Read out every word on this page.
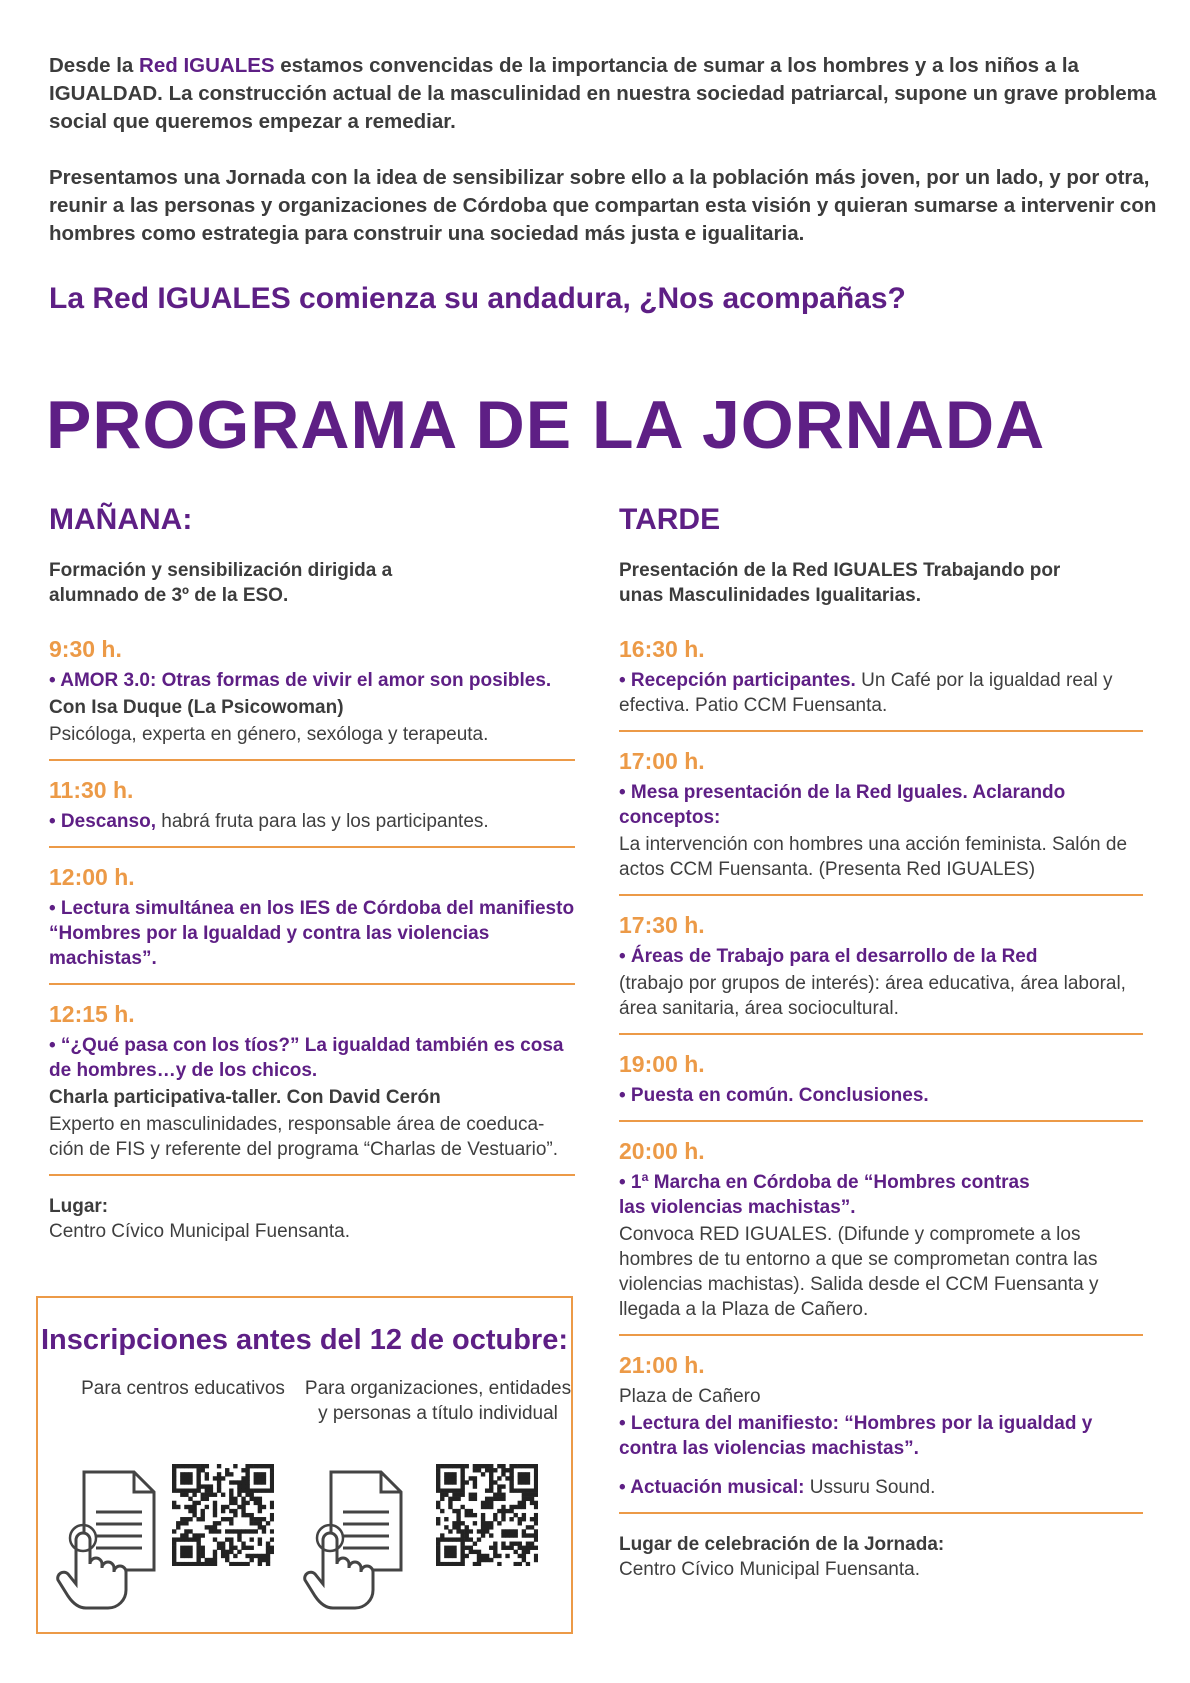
Desde la Red IGUALES estamos convencidas de la importancia de sumar a los hombres y a los niños a la IGUALDAD. La construcción actual de la masculinidad en nuestra sociedad patriarcal, supone un grave problema social que queremos empezar a remediar.

Presentamos una Jornada con la idea de sensibilizar sobre ello a la población más joven, por un lado, y por otra, reunir a las personas y organizaciones de Córdoba que compartan esta visión y quieran sumarse a intervenir con hombres como estrategia para construir una sociedad más justa e igualitaria.

La Red IGUALES comienza su andadura, ¿Nos acompañas?
PROGRAMA DE LA JORNADA
MAÑANA:
Formación y sensibilización dirigida a alumnado de 3º de la ESO.
9:30 h.
• AMOR 3.0: Otras formas de vivir el amor son posibles.
Con Isa Duque (La Psicowoman)
Psicóloga, experta en género, sexóloga y terapeuta.
11:30 h.
• Descanso, habrá fruta para las y los participantes.
12:00 h.
• Lectura simultánea en los IES de Córdoba del manifiesto “Hombres por la Igualdad y contra las violencias machistas”.
12:15 h.
• “¿Qué pasa con los tíos?” La igualdad también es cosa de hombres…y de los chicos.
Charla participativa-taller. Con David Cerón
Experto en masculinidades, responsable área de coeduca-ción de FIS y referente del programa “Charlas de Vestuario”.
Lugar:
Centro Cívico Municipal Fuensanta.
TARDE
Presentación de la Red IGUALES Trabajando por unas Masculinidades Igualitarias.
16:30 h.
• Recepción participantes. Un Café por la igualdad real y efectiva. Patio CCM Fuensanta.
17:00 h.
• Mesa presentación de la Red Iguales. Aclarando conceptos:
La intervención con hombres una acción feminista. Salón de actos CCM Fuensanta. (Presenta Red IGUALES)
17:30 h.
• Áreas de Trabajo para el desarrollo de la Red
(trabajo por grupos de interés): área educativa, área laboral, área sanitaria, área sociocultural.
19:00 h.
• Puesta en común. Conclusiones.
20:00 h.
• 1ª Marcha en Córdoba de “Hombres contras las violencias machistas”.
Convoca RED IGUALES. (Difunde y compromete a los hombres de tu entorno a que se comprometan contra las violencias machistas). Salida desde el CCM Fuensanta y llegada a la Plaza de Cañero.
21:00 h.
Plaza de Cañero
• Lectura del manifiesto: “Hombres por la igualdad y contra las violencias machistas”.
• Actuación musical: Ussuru Sound.
Lugar de celebración de la Jornada:
Centro Cívico Municipal Fuensanta.
Inscripciones antes del 12 de octubre:
Para centros educativos	Para organizaciones, entidades y personas a título individual
